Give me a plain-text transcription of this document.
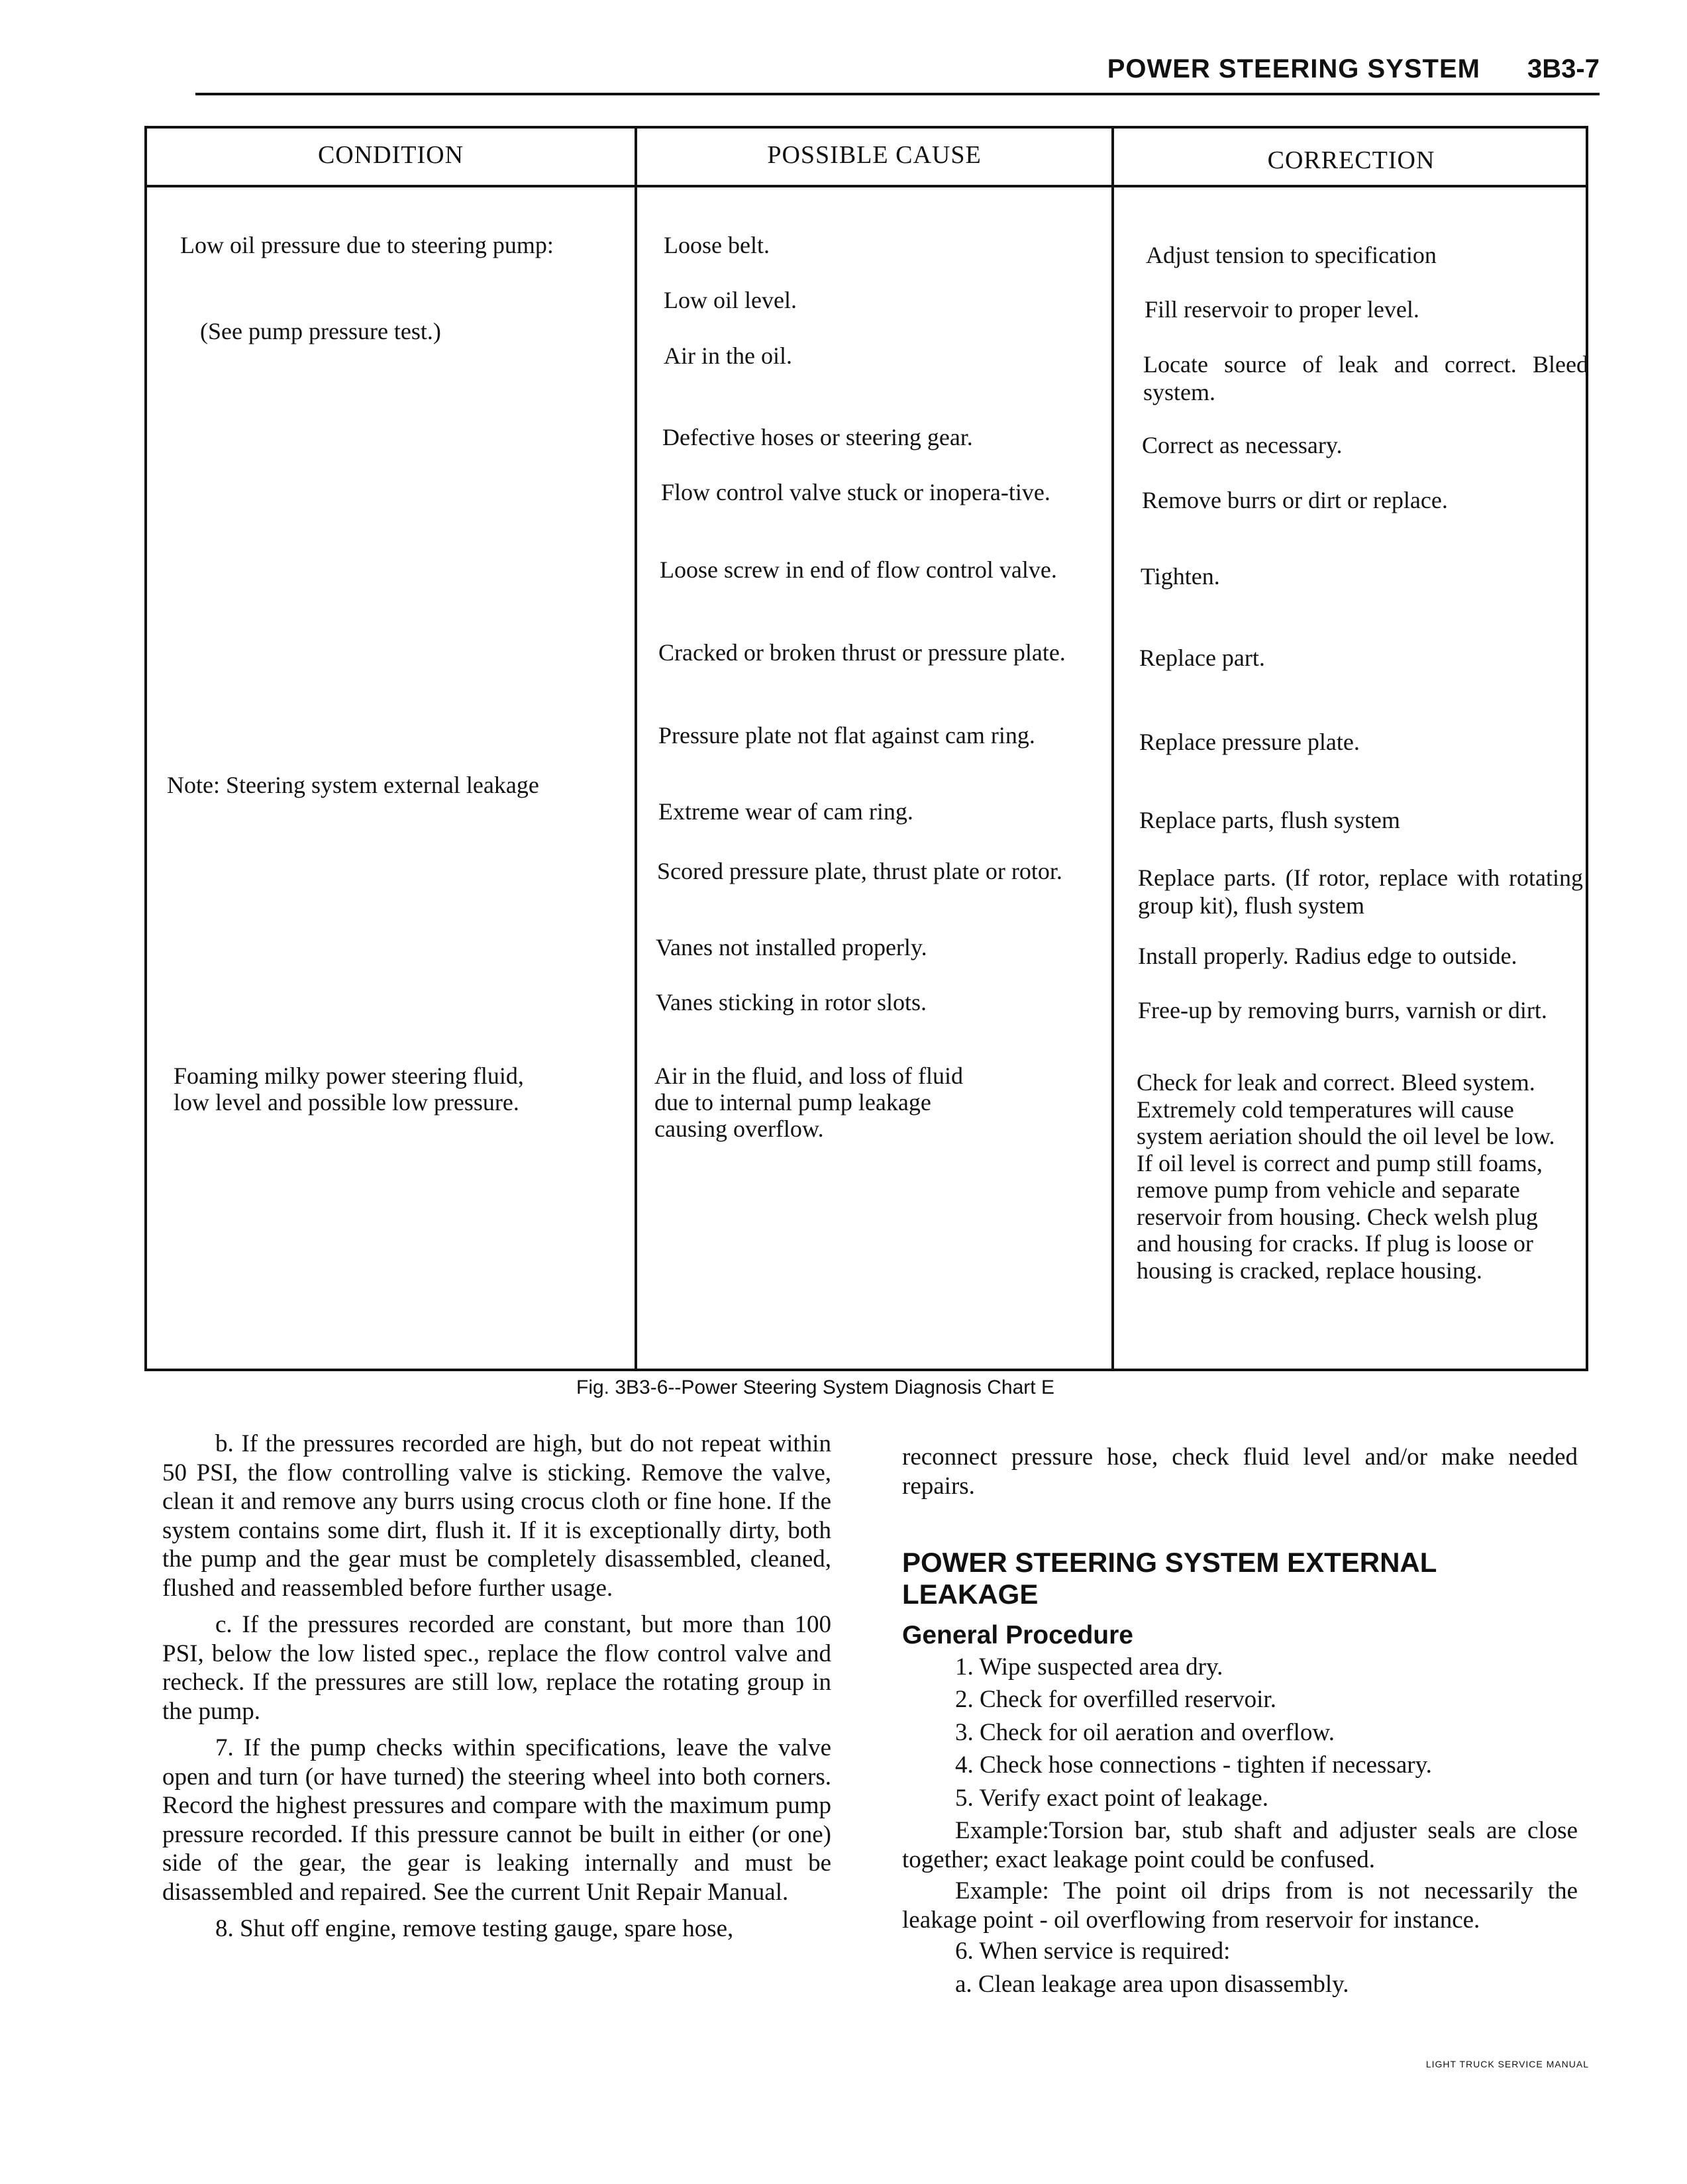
POWER STEERING SYSTEM 3B3-7
CONDITION	POSSIBLE CAUSE	CORRECTION
Low oil pressure due to steering pump:
(See pump pressure test.)
Note: Steering system external leakage
Foaming milky power steering fluid, low level and possible low pressure.
Loose belt.
Low oil level.
Air in the oil.
Defective hoses or steering gear.
Flow control valve stuck or inopera-tive.
Loose screw in end of flow control valve.
Cracked or broken thrust or pressure plate.
Pressure plate not flat against cam ring.
Extreme wear of cam ring.
Scored pressure plate, thrust plate or rotor.
Vanes not installed properly.
Vanes sticking in rotor slots.
Air in the fluid, and loss of fluid due to internal pump leakage causing overflow.
Adjust tension to specification
Fill reservoir to proper level.
Locate source of leak and correct. Bleed system.
Correct as necessary.
Remove burrs or dirt or replace.
Tighten.
Replace part.
Replace pressure plate.
Replace parts, flush system
Replace parts. (If rotor, replace with rotating group kit), flush system
Install properly. Radius edge to outside.
Free-up by removing burrs, varnish or dirt.
Check for leak and correct. Bleed system. Extremely cold temperatures will cause system aeriation should the oil level be low. If oil level is correct and pump still foams, remove pump from vehicle and separate reservoir from housing. Check welsh plug and housing for cracks. If plug is loose or housing is cracked, replace housing.
Fig. 3B3-6--Power Steering System Diagnosis Chart E

b. If the pressures recorded are high, but do not repeat within 50 PSI, the flow controlling valve is sticking. Remove the valve, clean it and remove any burrs using crocus cloth or fine hone. If the system contains some dirt, flush it. If it is exceptionally dirty, both the pump and the gear must be completely disassembled, cleaned, flushed and reassembled before further usage.

c. If the pressures recorded are constant, but more than 100 PSI, below the low listed spec., replace the flow control valve and recheck. If the pressures are still low, replace the rotating group in the pump.

7. If the pump checks within specifications, leave the valve open and turn (or have turned) the steering wheel into both corners. Record the highest pressures and compare with the maximum pump pressure recorded. If this pressure cannot be built in either (or one) side of the gear, the gear is leaking internally and must be disassembled and repaired. See the current Unit Repair Manual.

8. Shut off engine, remove testing gauge, spare hose,

reconnect pressure hose, check fluid level and/or make needed repairs.

POWER STEERING SYSTEM EXTERNAL LEAKAGE
General Procedure

1. Wipe suspected area dry.

2. Check for overfilled reservoir.

3. Check for oil aeration and overflow.

4. Check hose connections - tighten if necessary.

5. Verify exact point of leakage.

Example:Torsion bar, stub shaft and adjuster seals are close together; exact leakage point could be confused.

Example: The point oil drips from is not necessarily the leakage point - oil overflowing from reservoir for instance.

6. When service is required:

a. Clean leakage area upon disassembly.

LIGHT TRUCK SERVICE MANUAL
